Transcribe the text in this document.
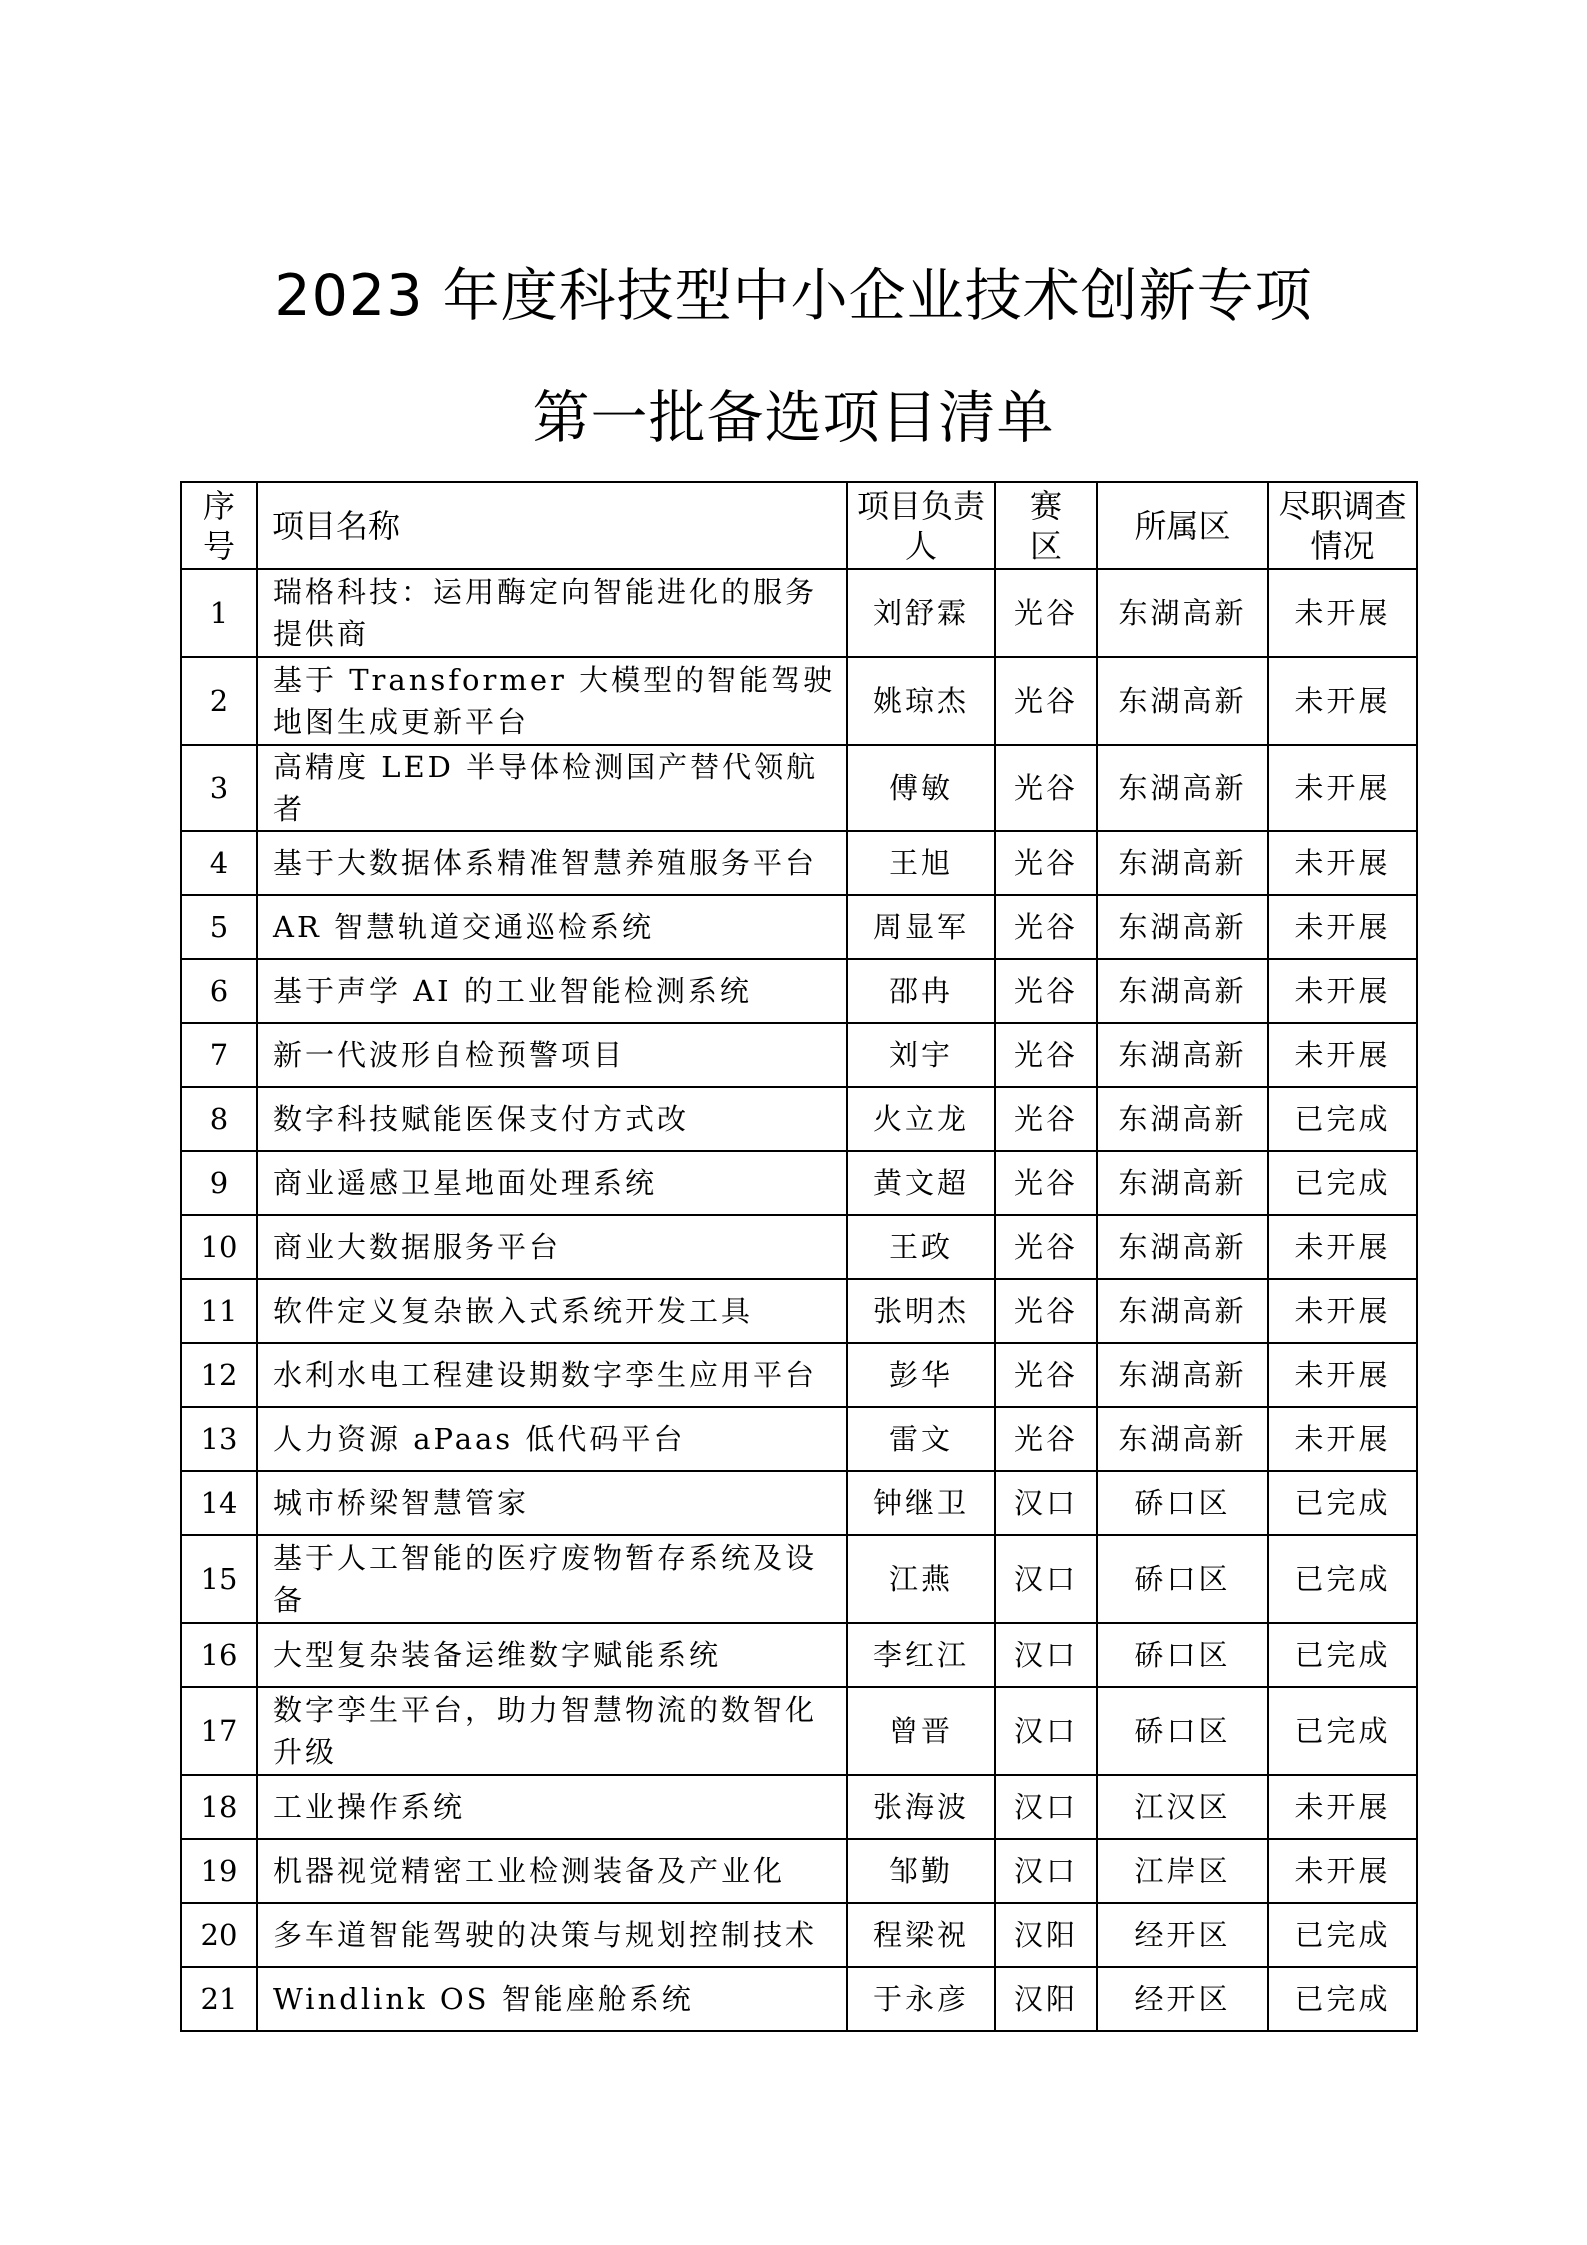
2023 年度科技型中小企业技术创新专项
第一批备选项目清单
序号	项目名称	项目负责人	赛区	所属区	尽职调查情况

1	瑞格科技：运用酶定向智能进化的服务提供商	刘舒霖	光谷	东湖高新	未开展
2	基于 Transformer 大模型的智能驾驶地图生成更新平台	姚琼杰	光谷	东湖高新	未开展
3	高精度 LED 半导体检测国产替代领航者	傅敏	光谷	东湖高新	未开展
4	基于大数据体系精准智慧养殖服务平台	王旭	光谷	东湖高新	未开展
5	AR 智慧轨道交通巡检系统	周显军	光谷	东湖高新	未开展
6	基于声学 AI 的工业智能检测系统	邵冉	光谷	东湖高新	未开展
7	新一代波形自检预警项目	刘宇	光谷	东湖高新	未开展
8	数字科技赋能医保支付方式改	火立龙	光谷	东湖高新	已完成
9	商业遥感卫星地面处理系统	黄文超	光谷	东湖高新	已完成
10	商业大数据服务平台	王政	光谷	东湖高新	未开展
11	软件定义复杂嵌入式系统开发工具	张明杰	光谷	东湖高新	未开展
12	水利水电工程建设期数字孪生应用平台	彭华	光谷	东湖高新	未开展
13	人力资源 aPaas 低代码平台	雷文	光谷	东湖高新	未开展
14	城市桥梁智慧管家	钟继卫	汉口	硚口区	已完成
15	基于人工智能的医疗废物暂存系统及设备	江燕	汉口	硚口区	已完成
16	大型复杂装备运维数字赋能系统	李红江	汉口	硚口区	已完成
17	数字孪生平台，助力智慧物流的数智化升级	曾晋	汉口	硚口区	已完成
18	工业操作系统	张海波	汉口	江汉区	未开展
19	机器视觉精密工业检测装备及产业化	邹勤	汉口	江岸区	未开展
20	多车道智能驾驶的决策与规划控制技术	程梁祝	汉阳	经开区	已完成
21	Windlink OS 智能座舱系统	于永彦	汉阳	经开区	已完成
